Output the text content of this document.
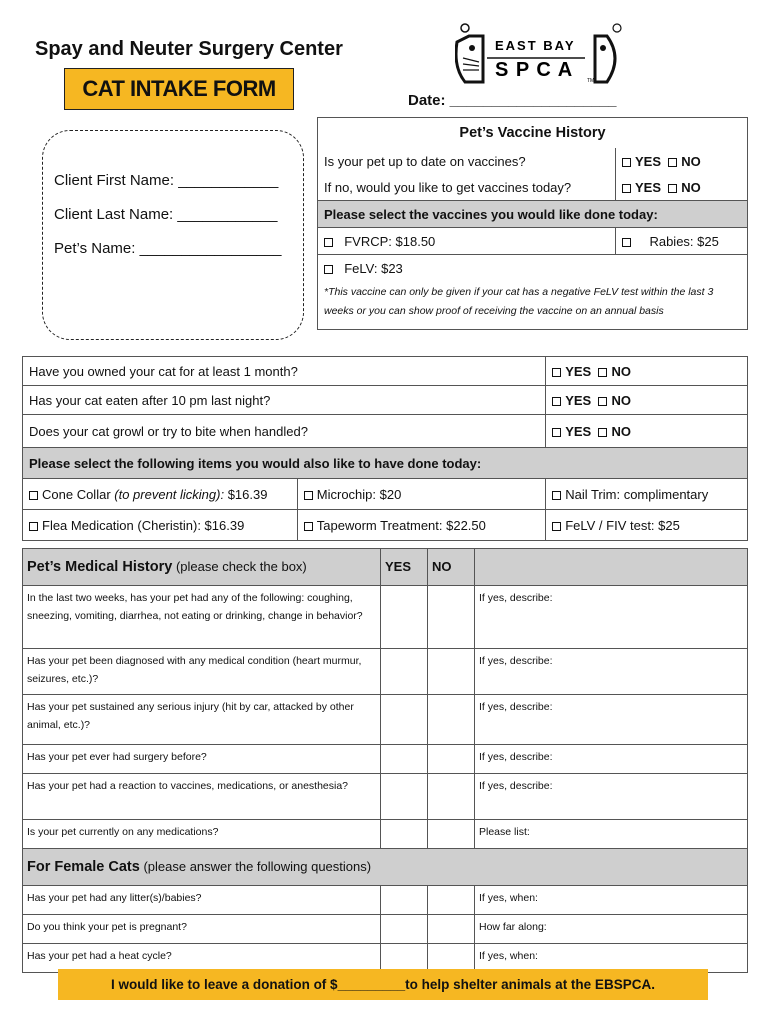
Spay and Neuter Surgery Center
CAT INTAKE FORM	Date: ____________________
EAST BAY
S P C A	TM
Client First Name: ____________
Client Last Name: ____________
Pet’s Name: _________________
Pet’s Vaccine History	
Is your pet up to date on vaccines?	YES NO
If no, would you like to get vaccines today?	YES NO
Please select the vaccines you would like done today:	
FVRCP: $18.50	Rabies: $25
FeLV: $23	
*This vaccine can only be given if your cat has a negative FeLV test within the last 3 weeks or you can show proof of receiving the vaccine on an annual basis	
Have you owned your cat for at least 1 month?		YES NO
Has your cat eaten after 10 pm last night?		YES NO
Does your cat growl or try to bite when handled?		YES NO
Please select the following items you would also like to have done today:		
Cone Collar (to prevent licking): $16.39	Microchip: $20	Nail Trim: complimentary
Flea Medication (Cheristin): $16.39	Tapeworm Treatment: $22.50	FeLV / FIV test: $25
Pet’s Medical History (please check the box)	YES	NO	
In the last two weeks, has your pet had any of the following: coughing, sneezing, vomiting, diarrhea, not eating or drinking, change in behavior?			If yes, describe:
Has your pet been diagnosed with any medical condition (heart murmur, seizures, etc.)?			If yes, describe:
Has your pet sustained any serious injury (hit by car, attacked by other animal, etc.)?			If yes, describe:
Has your pet ever had surgery before?			If yes, describe:
Has your pet had a reaction to vaccines, medications, or anesthesia?			If yes, describe:
Is your pet currently on any medications?			Please list:
For Female Cats (please answer the following questions)			
Has your pet had any litter(s)/babies?			If yes, when:
Do you think your pet is pregnant?			How far along:
Has your pet had a heat cycle?			If yes, when:
I would like to leave a donation of $_________to help shelter animals at the EBSPCA.
